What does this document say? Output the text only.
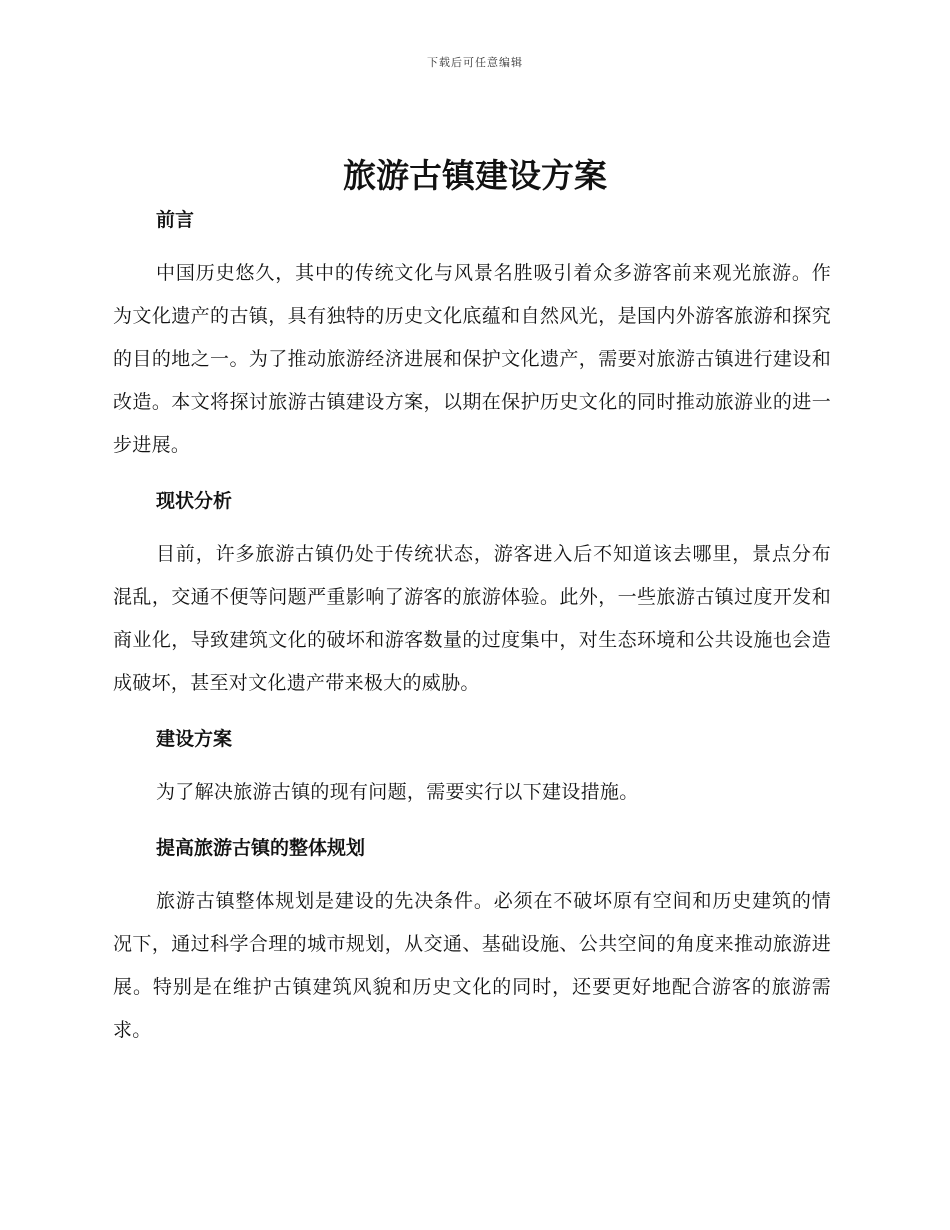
下载后可任意编辑
旅游古镇建设方案
前言

中国历史悠久，其中的传统文化与风景名胜吸引着众多游客前来观光旅游。作为文化遗产的古镇，具有独特的历史文化底蕴和自然风光，是国内外游客旅游和探究的目的地之一。为了推动旅游经济进展和保护文化遗产，需要对旅游古镇进行建设和改造。本文将探讨旅游古镇建设方案，以期在保护历史文化的同时推动旅游业的进一步进展。

现状分析

目前，许多旅游古镇仍处于传统状态，游客进入后不知道该去哪里，景点分布混乱，交通不便等问题严重影响了游客的旅游体验。此外，一些旅游古镇过度开发和商业化，导致建筑文化的破坏和游客数量的过度集中，对生态环境和公共设施也会造成破坏，甚至对文化遗产带来极大的威胁。

建设方案

为了解决旅游古镇的现有问题，需要实行以下建设措施。

提高旅游古镇的整体规划

旅游古镇整体规划是建设的先决条件。必须在不破坏原有空间和历史建筑的情况下，通过科学合理的城市规划，从交通、基础设施、公共空间的角度来推动旅游进展。特别是在维护古镇建筑风貌和历史文化的同时，还要更好地配合游客的旅游需求。
